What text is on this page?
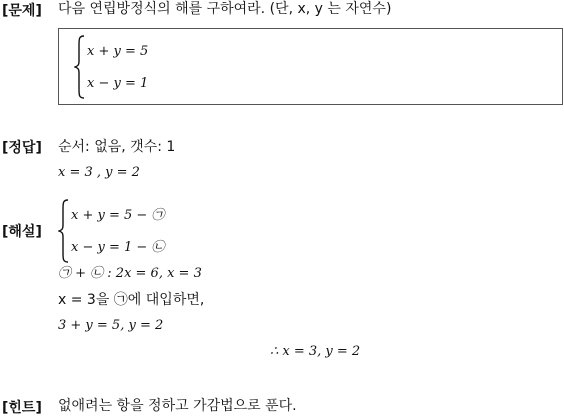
[문제] 다음 연립방정식의 해를 구하여라. (단, x, y 는 자연수)
x + y = 5
x − y = 1
[정답] 순서: 없음, 갯수: 1
x = 3 , y = 2
[해설]
x + y = 5 − ㉠
x − y = 1 − ㉡
㉠ + ㉡ : 2x = 6, x = 3
x = 3을 ㉠에 대입하면,
3 + y = 5, y = 2
∴ x = 3, y = 2
[힌트] 없애려는 항을 정하고 가감법으로 푼다.
